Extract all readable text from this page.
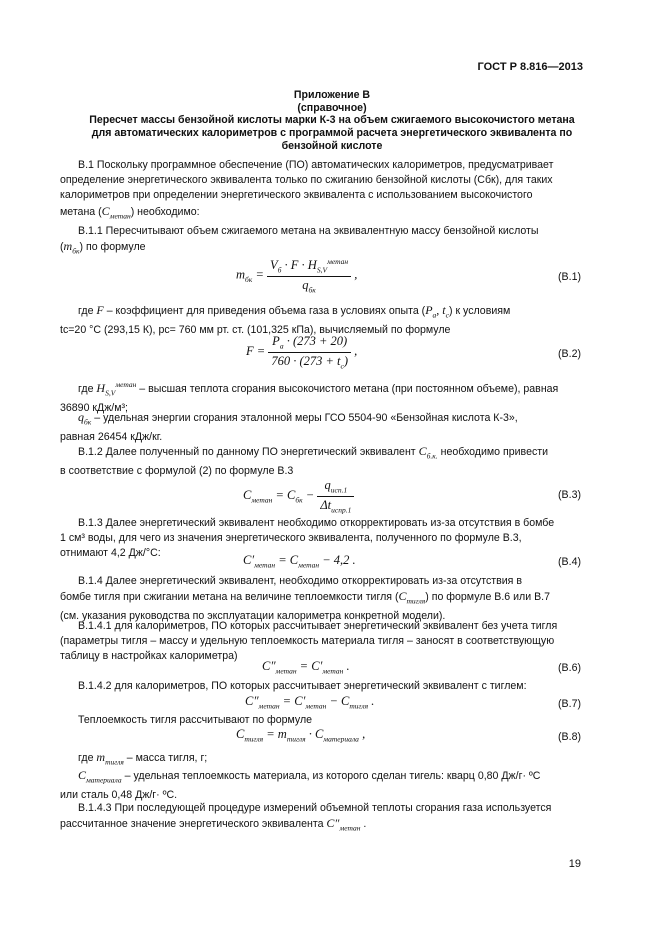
ГОСТ Р 8.816—2013
Приложение В
(справочное)
Пересчет массы бензойной кислоты марки К-3 на объем сжигаемого высокочистого метана
для автоматических калориметров с программой расчета энергетического эквивалента по
бензойной кислоте
В.1 Поскольку программное обеспечение (ПО) автоматических калориметров, предусматривает
определение энергетического эквивалента только по сжиганию бензойной кислоты (Cбк), для таких
калориметров при определении энергетического эквивалента с использованием высокочистого
метана $(C_{метан})$ необходимо:
В.1.1 Пересчитывают объем сжигаемого метана на эквивалентную массу бензойной кислоты
$(m_{бк})$ по формуле
$m_{бк} = \frac{V_б \cdot F \cdot H_{S,V}^{метан}}{q_{бк}}$ ,	(В.1)
где F – коэффициент для приведения объема газа в условиях опыта ($P_a$, $t_c$) к условиям
tс=20 °С (293,15 К), pс= 760 мм рт. ст. (101,325 кПа), вычисляемый по формуле
$F = \frac{P_a \cdot (273 + 20)}{760 \cdot (273 + t_c)}$ ,	(В.2)
где $H_{S,V}^{метан}$ – высшая теплота сгорания высокочистого метана (при постоянном объеме), равная
36890 кДж/м³;
$q_{бк}$ – удельная энергии сгорания эталонной меры ГСО 5504-90 «Бензойная кислота К-3»,
равная 26454 кДж/кг.
В.1.2 Далее полученный по данному ПО энергетический эквивалент $C_{б.к.}$ необходимо привести
в соответствие с формулой (2) по формуле В.3
$C_{метан} = C_{бк} - \frac{q_{исп.1}}{\Delta t_{испр.1}}$	(В.3)
В.1.3 Далее энергетический эквивалент необходимо откорректировать из-за отсутствия в бомбе
1 см³ воды, для чего из значения энергетического эквивалента, полученного по формуле В.3,
отнимают 4,2 Дж/°С:	$C'_{метан} = C_{метан} - 4,2$ .	(В.4)
В.1.4 Далее энергетический эквивалент, необходимо откорректировать из-за отсутствия в
бомбе тигля при сжигании метана на величине теплоемкости тигля $(C_{тигля})$ по формуле В.6 или В.7
(см. указания руководства по эксплуатации калориметра конкретной модели).
В.1.4.1 для калориметров, ПО которых рассчитывает энергетический эквивалент без учета тигля
(параметры тигля – массу и удельную теплоемкость материала тигля – заносят в соответствующую
таблицу в настройках калориметра)
$C''_{метан} = C'_{метан}$ .	(В.6)
В.1.4.2 для калориметров, ПО которых рассчитывает энергетический эквивалент с тиглем:
$C''_{метан} = C'_{метан} - C_{тигля}$ .	(В.7)
Теплоемкость тигля рассчитывают по формуле
$C_{тигля} = m_{тигля} \cdot C_{материала}$ ,	(В.8)
где $m_{тигля}$ – масса тигля, г;
$C_{материала}$ – удельная теплоемкость материала, из которого сделан тигель: кварц 0,80 Дж/г· ºС
или сталь 0,48 Дж/г· ºС.
В.1.4.3 При последующей процедуре измерений объемной теплоты сгорания газа используется
рассчитанное значение энергетического эквивалента $C''_{метан}$ .
19
